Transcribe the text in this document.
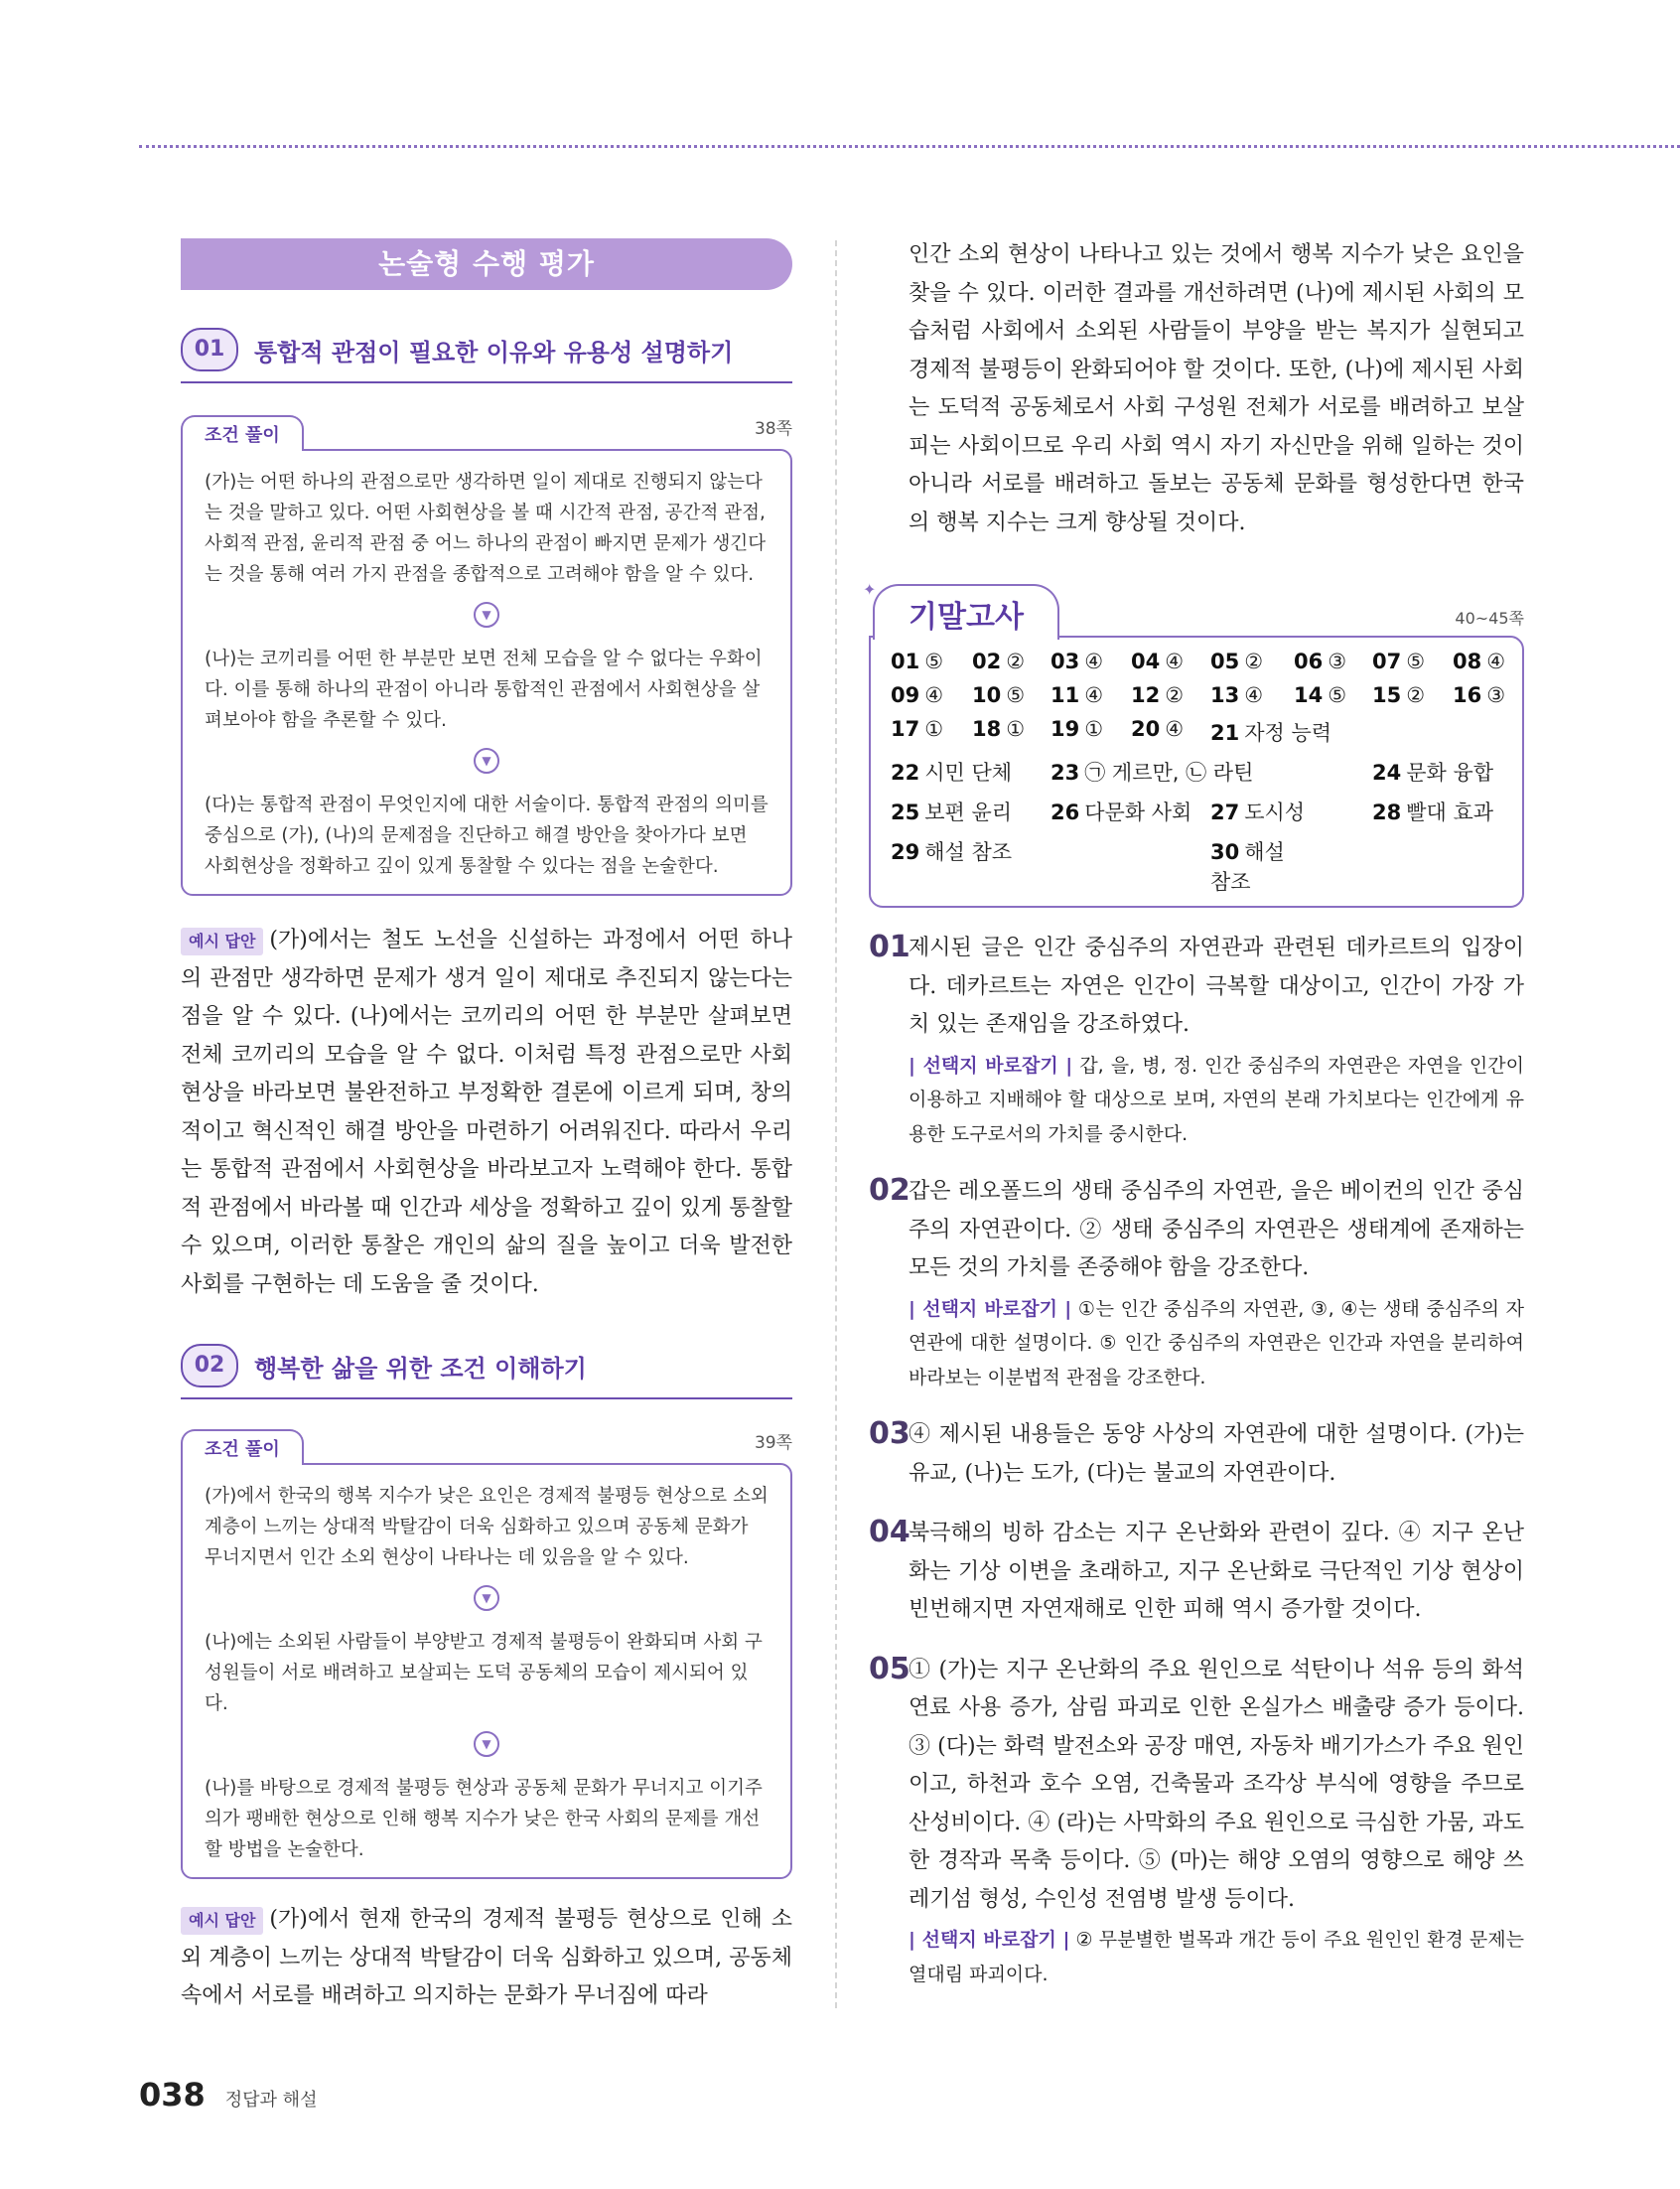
논술형 수행 평가
01	통합적 관점이 필요한 이유와 유용성 설명하기
조건 풀이	38쪽

(가)는 어떤 하나의 관점으로만 생각하면 일이 제대로 진행되지 않는다는 것을 말하고 있다. 어떤 사회현상을 볼 때 시간적 관점, 공간적 관점, 사회적 관점, 윤리적 관점 중 어느 하나의 관점이 빠지면 문제가 생긴다는 것을 통해 여러 가지 관점을 종합적으로 고려해야 함을 알 수 있다.

▼

(나)는 코끼리를 어떤 한 부분만 보면 전체 모습을 알 수 없다는 우화이다. 이를 통해 하나의 관점이 아니라 통합적인 관점에서 사회현상을 살펴보아야 함을 추론할 수 있다.

▼

(다)는 통합적 관점이 무엇인지에 대한 서술이다. 통합적 관점의 의미를 중심으로 (가), (나)의 문제점을 진단하고 해결 방안을 찾아가다 보면 사회현상을 정확하고 깊이 있게 통찰할 수 있다는 점을 논술한다.

예시 답안 (가)에서는 철도 노선을 신설하는 과정에서 어떤 하나의 관점만 생각하면 문제가 생겨 일이 제대로 추진되지 않는다는 점을 알 수 있다. (나)에서는 코끼리의 어떤 한 부분만 살펴보면 전체 코끼리의 모습을 알 수 없다. 이처럼 특정 관점으로만 사회현상을 바라보면 불완전하고 부정확한 결론에 이르게 되며, 창의적이고 혁신적인 해결 방안을 마련하기 어려워진다. 따라서 우리는 통합적 관점에서 사회현상을 바라보고자 노력해야 한다. 통합적 관점에서 바라볼 때 인간과 세상을 정확하고 깊이 있게 통찰할 수 있으며, 이러한 통찰은 개인의 삶의 질을 높이고 더욱 발전한 사회를 구현하는 데 도움을 줄 것이다.
02	행복한 삶을 위한 조건 이해하기
조건 풀이	39쪽

(가)에서 한국의 행복 지수가 낮은 요인은 경제적 불평등 현상으로 소외 계층이 느끼는 상대적 박탈감이 더욱 심화하고 있으며 공동체 문화가 무너지면서 인간 소외 현상이 나타나는 데 있음을 알 수 있다.

▼

(나)에는 소외된 사람들이 부양받고 경제적 불평등이 완화되며 사회 구성원들이 서로 배려하고 보살피는 도덕 공동체의 모습이 제시되어 있다.

▼

(나)를 바탕으로 경제적 불평등 현상과 공동체 문화가 무너지고 이기주의가 팽배한 현상으로 인해 행복 지수가 낮은 한국 사회의 문제를 개선할 방법을 논술한다.

예시 답안 (가)에서 현재 한국의 경제적 불평등 현상으로 인해 소외 계층이 느끼는 상대적 박탈감이 더욱 심화하고 있으며, 공동체 속에서 서로를 배려하고 의지하는 문화가 무너짐에 따라
인간 소외 현상이 나타나고 있는 것에서 행복 지수가 낮은 요인을 찾을 수 있다. 이러한 결과를 개선하려면 (나)에 제시된 사회의 모습처럼 사회에서 소외된 사람들이 부양을 받는 복지가 실현되고 경제적 불평등이 완화되어야 할 것이다. 또한, (나)에 제시된 사회는 도덕적 공동체로서 사회 구성원 전체가 서로를 배려하고 보살피는 사회이므로 우리 사회 역시 자기 자신만을 위해 일하는 것이 아니라 서로를 배려하고 돌보는 공동체 문화를 형성한다면 한국의 행복 지수는 크게 향상될 것이다.
✦
기말고사	40~45쪽
01 ⑤	02 ②	03 ④	04 ④	05 ②	06 ③	07 ⑤	08 ④
09 ④	10 ⑤	11 ④	12 ②	13 ④	14 ⑤	15 ②	16 ③
17 ①	18 ①	19 ①	20 ④	21 자정 능력
22 시민 단체	23 ㉠ 게르만, ㉡ 라틴	24 문화 융합
25 보편 윤리	26 다문화 사회 27 도시성	28 빨대 효과
29 해설 참조	30 해설 참조
01

제시된 글은 인간 중심주의 자연관과 관련된 데카르트의 입장이다. 데카르트는 자연은 인간이 극복할 대상이고, 인간이 가장 가치 있는 존재임을 강조하였다.

| 선택지 바로잡기 | 갑, 을, 병, 정. 인간 중심주의 자연관은 자연을 인간이 이용하고 지배해야 할 대상으로 보며, 자연의 본래 가치보다는 인간에게 유용한 도구로서의 가치를 중시한다.

02

갑은 레오폴드의 생태 중심주의 자연관, 을은 베이컨의 인간 중심주의 자연관이다. ② 생태 중심주의 자연관은 생태계에 존재하는 모든 것의 가치를 존중해야 함을 강조한다.

| 선택지 바로잡기 | ①는 인간 중심주의 자연관, ③, ④는 생태 중심주의 자연관에 대한 설명이다. ⑤ 인간 중심주의 자연관은 인간과 자연을 분리하여 바라보는 이분법적 관점을 강조한다.

03

④ 제시된 내용들은 동양 사상의 자연관에 대한 설명이다. (가)는 유교, (나)는 도가, (다)는 불교의 자연관이다.

04

북극해의 빙하 감소는 지구 온난화와 관련이 깊다. ④ 지구 온난화는 기상 이변을 초래하고, 지구 온난화로 극단적인 기상 현상이 빈번해지면 자연재해로 인한 피해 역시 증가할 것이다.

05

① (가)는 지구 온난화의 주요 원인으로 석탄이나 석유 등의 화석 연료 사용 증가, 삼림 파괴로 인한 온실가스 배출량 증가 등이다. ③ (다)는 화력 발전소와 공장 매연, 자동차 배기가스가 주요 원인이고, 하천과 호수 오염, 건축물과 조각상 부식에 영향을 주므로 산성비이다. ④ (라)는 사막화의 주요 원인으로 극심한 가뭄, 과도한 경작과 목축 등이다. ⑤ (마)는 해양 오염의 영향으로 해양 쓰레기섬 형성, 수인성 전염병 발생 등이다.

| 선택지 바로잡기 | ② 무분별한 벌목과 개간 등이 주요 원인인 환경 문제는 열대림 파괴이다.

038 정답과 해설
